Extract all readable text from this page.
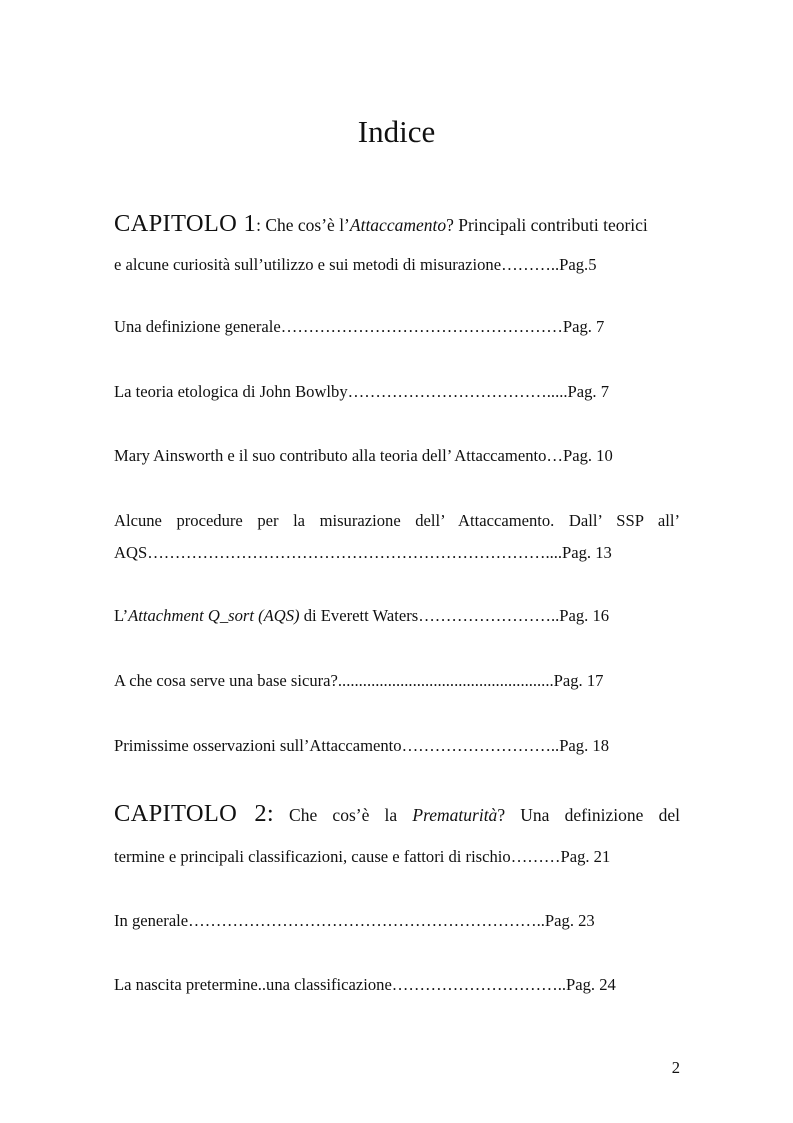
Indice
CAPITOLO 1: Che cos’è l’Attaccamento? Principali contributi teorici
e alcune curiosità sull’utilizzo e sui metodi di misurazione………..Pag.5
Una definizione generale……………………………………………Pag. 7
La teoria etologica di John Bowlby……………………………….....Pag. 7
Mary Ainsworth e il suo contributo alla teoria dell’ Attaccamento…Pag. 10
Alcune procedure per la misurazione dell’ Attaccamento. Dall’ SSP all’
AQS………………………………………………………………....Pag. 13
L’Attachment Q_sort (AQS) di Everett Waters……………………..Pag. 16
A che cosa serve una base sicura?....................................................Pag. 17
Primissime osservazioni sull’Attaccamento………………………..Pag. 18
CAPITOLO 2: Che cos’è la Prematurità? Una definizione del
termine e principali classificazioni, cause e fattori di rischio………Pag. 21
In generale………………………………………………………..Pag. 23
La nascita pretermine..una classificazione…………………………..Pag. 24
2
